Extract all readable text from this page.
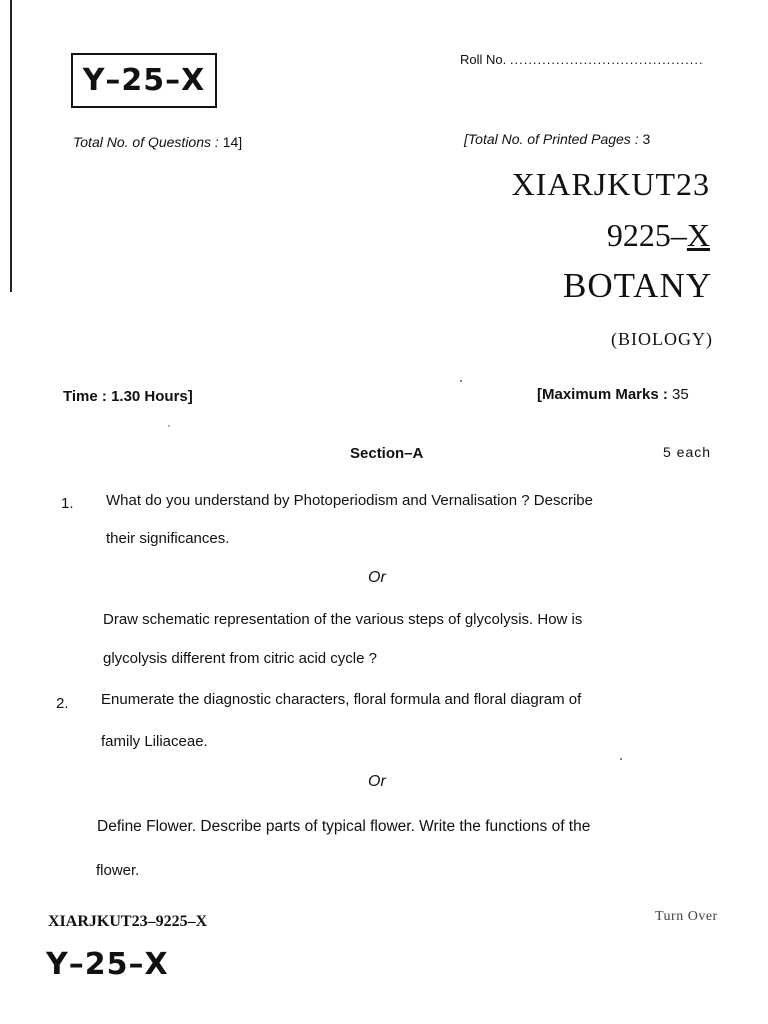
Y–25–X
Roll No. ..........................................
Total No. of Questions : 14]	[Total No. of Printed Pages : 3
XIARJKUT23
9225–X
BOTANY
(BIOLOGY)
Time : 1.30 Hours]	[Maximum Marks : 35
Section–A	5 each
1. What do you understand by Photoperiodism and Vernalisation ? Describe
their significances.
Or
Draw schematic representation of the various steps of glycolysis. How is
glycolysis different from citric acid cycle ?
2. Enumerate the diagnostic characters, floral formula and floral diagram of
family Liliaceae.
Or
Define Flower. Describe parts of typical flower. Write the functions of the
flower.
XIARJKUT23–9225–X	Turn Over
Y–25–X
